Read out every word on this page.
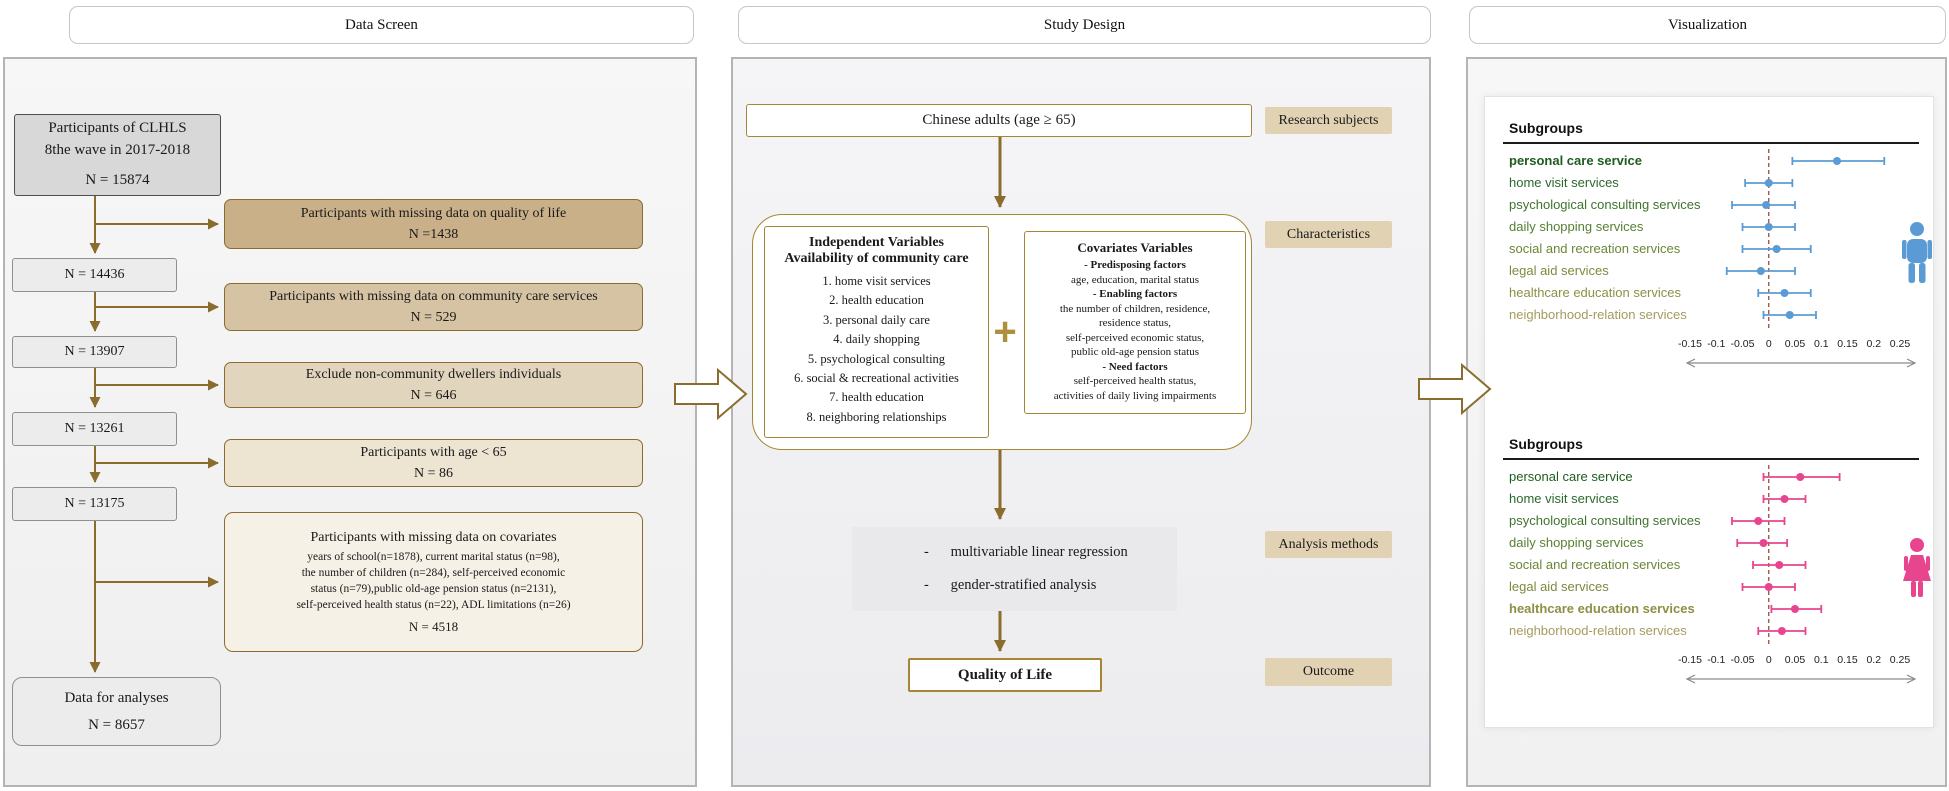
Data Screen	Study Design	Visualization
Participants of CLHLS
8the wave in 2017-2018
N = 15874
N = 14436
N = 13907
N = 13261
N = 13175
Participants with missing data on quality of life
N =1438
Participants with missing data on community care services
N = 529
Exclude non-community dwellers individuals
N = 646
Participants with age < 65
N = 86
Participants with missing data on covariates
years of school(n=1878), current marital status (n=98),
the number of children (n=284), self-perceived economic
status (n=79),public old-age pension status (n=2131),
self-perceived health status (n=22), ADL limitations (n=26)
N = 4518
Data for analyses
N = 8657
Chinese adults (age ≥ 65)	Research subjects
Characteristics
Analysis methods
Outcome
Independent Variables
Availability of community care
1. home visit services
2. health education
3. personal daily care
4. daily shopping
5. psychological consulting
6. social & recreational activities
7. health education
8. neighboring relationships
+
Covariates Variables
- Predisposing factors
age, education, marital status
- Enabling factors
the number of children, residence,
residence status,
self-perceived economic status,
public old-age pension status
- Need factors
self-perceived health status,
activities of daily living impairments
-      multivariable linear regression
-      gender-stratified analysis
Quality of Life
Subgroups
personal care service
home visit services
psychological consulting services
daily shopping services
social and recreation services
legal aid services
healthcare education services
neighborhood-relation services
-0.15 -0.1 -0.05 0 0.05 0.1 0.15 0.2 0.25
Subgroups
personal care service
home visit services
psychological consulting services
daily shopping services
social and recreation services
legal aid services
healthcare education services
neighborhood-relation services
-0.15 -0.1 -0.05 0 0.05 0.1 0.15 0.2 0.25
